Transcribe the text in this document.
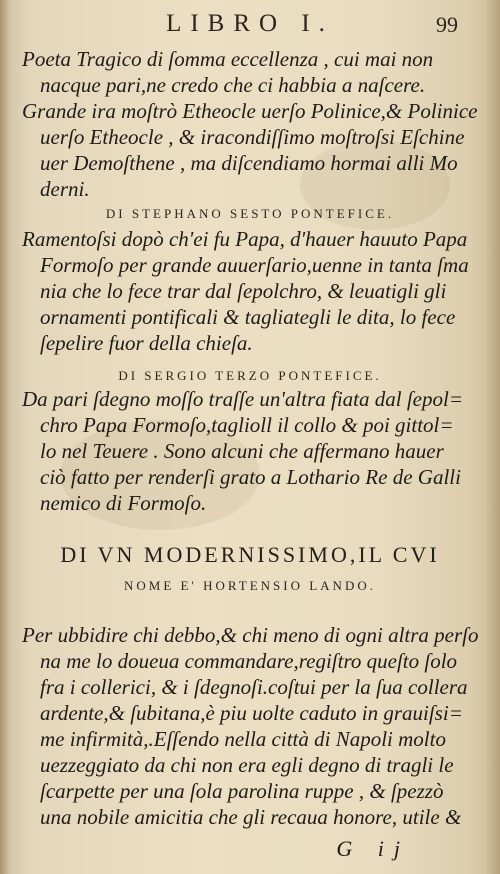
LIBRO I.	99
Poeta Tragico di ſomma eccellenza , cui mai non
nacque pari,ne credo che ci habbia a naſcere.
Grande ira moſtrò Etheocle uerſo Polinice,& Polinice
uerſo Etheocle , & iracondiſſimo moſtroſsi Eſchine
uer Demoſthene , ma diſcendiamo hormai alli Mo
derni.
DI STEPHANO SESTO PONTEFICE.
Ramentoſsi dopò ch'ei fu Papa, d'hauer hauuto Papa
Formoſo per grande auuerſario,uenne in tanta ſma
nia che lo fece trar dal ſepolchro, & leuatigli gli
ornamenti pontificali & tagliategli le dita, lo fece
ſepelire fuor della chieſa.
DI SERGIO TERZO PONTEFICE.
Da pari ſdegno moſſo traſſe un'altra fiata dal ſepol=
chro Papa Formoſo,taglioll il collo & poi gittol=
lo nel Teuere . Sono alcuni che affermano hauer
ciò fatto per renderſi grato a Lothario Re de Galli
nemico di Formoſo.
DI VN MODERNISSIMO,IL CVI
NOME E' HORTENSIO LANDO.
Per ubbidire chi debbo,& chi meno di ogni altra perſo
na me lo doueua commandare,regiſtro queſto ſolo
fra i collerici, & i ſdegnoſi.coſtui per la ſua collera
ardente,& ſubitana,è piu uolte caduto in grauiſsi=
me infirmità,.Eſſendo nella città di Napoli molto
uezzeggiato da chi non era egli degno di tragli le
ſcarpette per una ſola parolina ruppe , & ſpezzò
una nobile amicitia che gli recaua honore, utile &
G ij
